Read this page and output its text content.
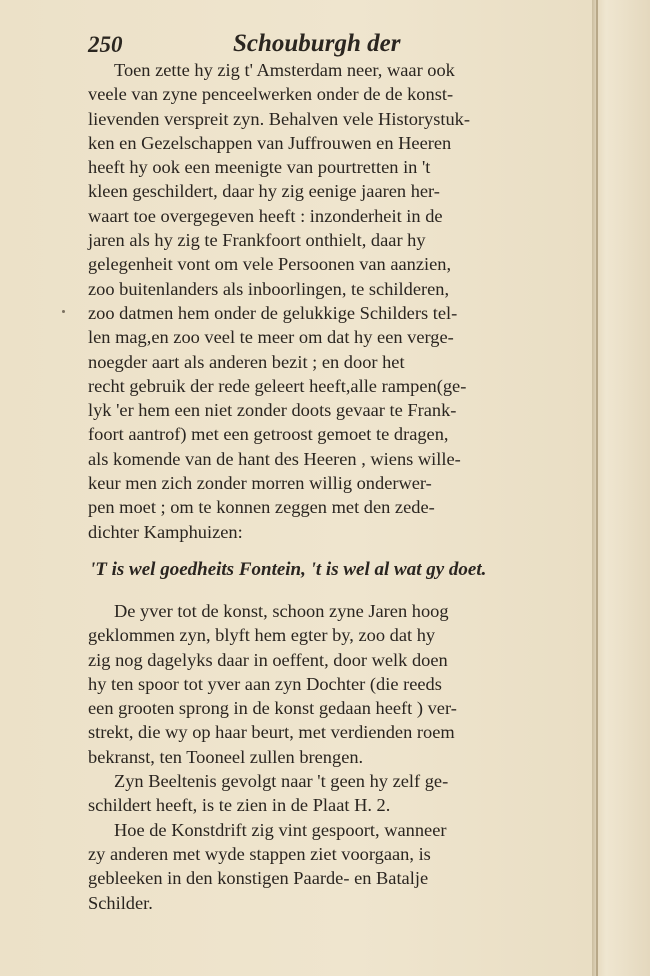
250	Schouburgh der
Toen zette hy zig t' Amsterdam neer, waar ook
veele van zyne penceelwerken onder de de konst-
lievenden verspreit zyn. Behalven vele Historystuk-
ken en Gezelschappen van Juffrouwen en Heeren
heeft hy ook een meenigte van pourtretten in 't
kleen geschildert, daar hy zig eenige jaaren her-
waart toe overgegeven heeft : inzonderheit in de
jaren als hy zig te Frankfoort onthielt, daar hy
gelegenheit vont om vele Persoonen van aanzien,
zoo buitenlanders als inboorlingen, te schilderen,
zoo datmen hem onder de gelukkige Schilders tel-
len mag,en zoo veel te meer om dat hy een verge-
noegder aart als anderen bezit ; en door het
recht gebruik der rede geleert heeft,alle rampen(ge-
lyk 'er hem een niet zonder doots gevaar te Frank-
foort aantrof) met een getroost gemoet te dragen,
als komende van de hant des Heeren , wiens wille-
keur men zich zonder morren willig onderwer-
pen moet ; om te konnen zeggen met den zede-
dichter Kamphuizen:
'T is wel goedheits Fontein, 't is wel al wat gy doet.
De yver tot de konst, schoon zyne Jaren hoog
geklommen zyn, blyft hem egter by, zoo dat hy
zig nog dagelyks daar in oeffent, door welk doen
hy ten spoor tot yver aan zyn Dochter (die reeds
een grooten sprong in de konst gedaan heeft ) ver-
strekt, die wy op haar beurt, met verdienden roem
bekranst, ten Tooneel zullen brengen.
Zyn Beeltenis gevolgt naar 't geen hy zelf ge-
schildert heeft, is te zien in de Plaat H. 2.
Hoe de Konstdrift zig vint gespoort, wanneer
zy anderen met wyde stappen ziet voorgaan, is
gebleeken in den konstigen Paarde- en Batalje
Schilder.
